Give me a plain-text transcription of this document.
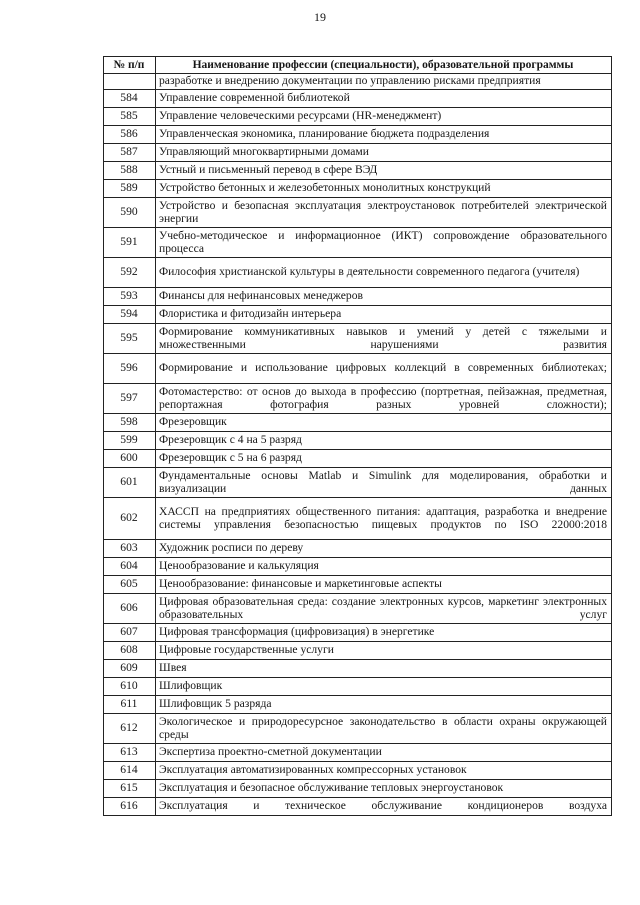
19
№ п/п	Наименование профессии (специальности), образовательной программы
	разработке и внедрению документации по управлению рисками предприятия
584	Управление современной библиотекой
585	Управление человеческими ресурсами (HR-менеджмент)
586	Управленческая экономика, планирование бюджета подразделения
587	Управляющий многоквартирными домами
588	Устный и письменный перевод в сфере ВЭД
589	Устройство бетонных и железобетонных монолитных конструкций
590	Устройство и безопасная эксплуатация электроустановок потребителей электрической энергии
591	Учебно-методическое и информационное (ИКТ) сопровождение образовательного процесса
592	Философия христианской культуры в деятельности современного педагога (учителя)
593	Финансы для нефинансовых менеджеров
594	Флористика и фитодизайн интерьера
595	Формирование коммуникативных навыков и умений у детей с тяжелыми и множественными нарушениями развития
596	Формирование и использование цифровых коллекций в современных библиотеках;
597	Фотомастерство: от основ до выхода в профессию (портретная, пейзажная, предметная, репортажная фотография разных уровней сложности);
598	Фрезеровщик
599	Фрезеровщик с 4 на 5 разряд
600	Фрезеровщик с 5 на 6 разряд
601	Фундаментальные основы Matlab и Simulink для моделирования, обработки и визуализации данных
602	ХАССП на предприятиях общественного питания: адаптация, разработка и внедрение системы управления безопасностью пищевых продуктов по ISO 22000:2018
603	Художник росписи по дереву
604	Ценообразование и калькуляция
605	Ценообразование: финансовые и маркетинговые аспекты
606	Цифровая образовательная среда: создание электронных курсов, маркетинг электронных образовательных услуг
607	Цифровая трансформация (цифровизация) в энергетике
608	Цифровые государственные услуги
609	Швея
610	Шлифовщик
611	Шлифовщик 5 разряда
612	Экологическое и природоресурсное законодательство в области охраны окружающей среды
613	Экспертиза проектно-сметной документации
614	Эксплуатация автоматизированных компрессорных установок
615	Эксплуатация и безопасное обслуживание тепловых энергоустановок
616	Эксплуатация и техническое обслуживание кондиционеров воздуха
